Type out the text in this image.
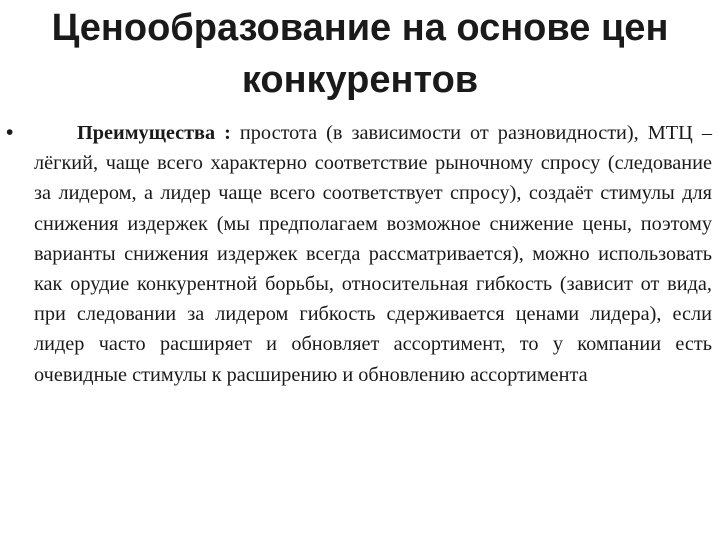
Ценообразование на основе цен конкурентов
•	Преимущества : простота (в зависимости от разновидности), МТЦ – лёгкий, чаще всего характерно соответствие рыночному спросу (следование за лидером, а лидер чаще всего соответствует спросу), создаёт стимулы для снижения издержек (мы предполагаем возможное снижение цены, поэтому варианты снижения издержек всегда рассматривается), можно использовать как орудие конкурентной борьбы, относительная гибкость (зависит от вида, при следовании за лидером гибкость сдерживается ценами лидера), если лидер часто расширяет и обновляет ассортимент, то у компании есть очевидные стимулы к расширению и обновлению ассортимента
